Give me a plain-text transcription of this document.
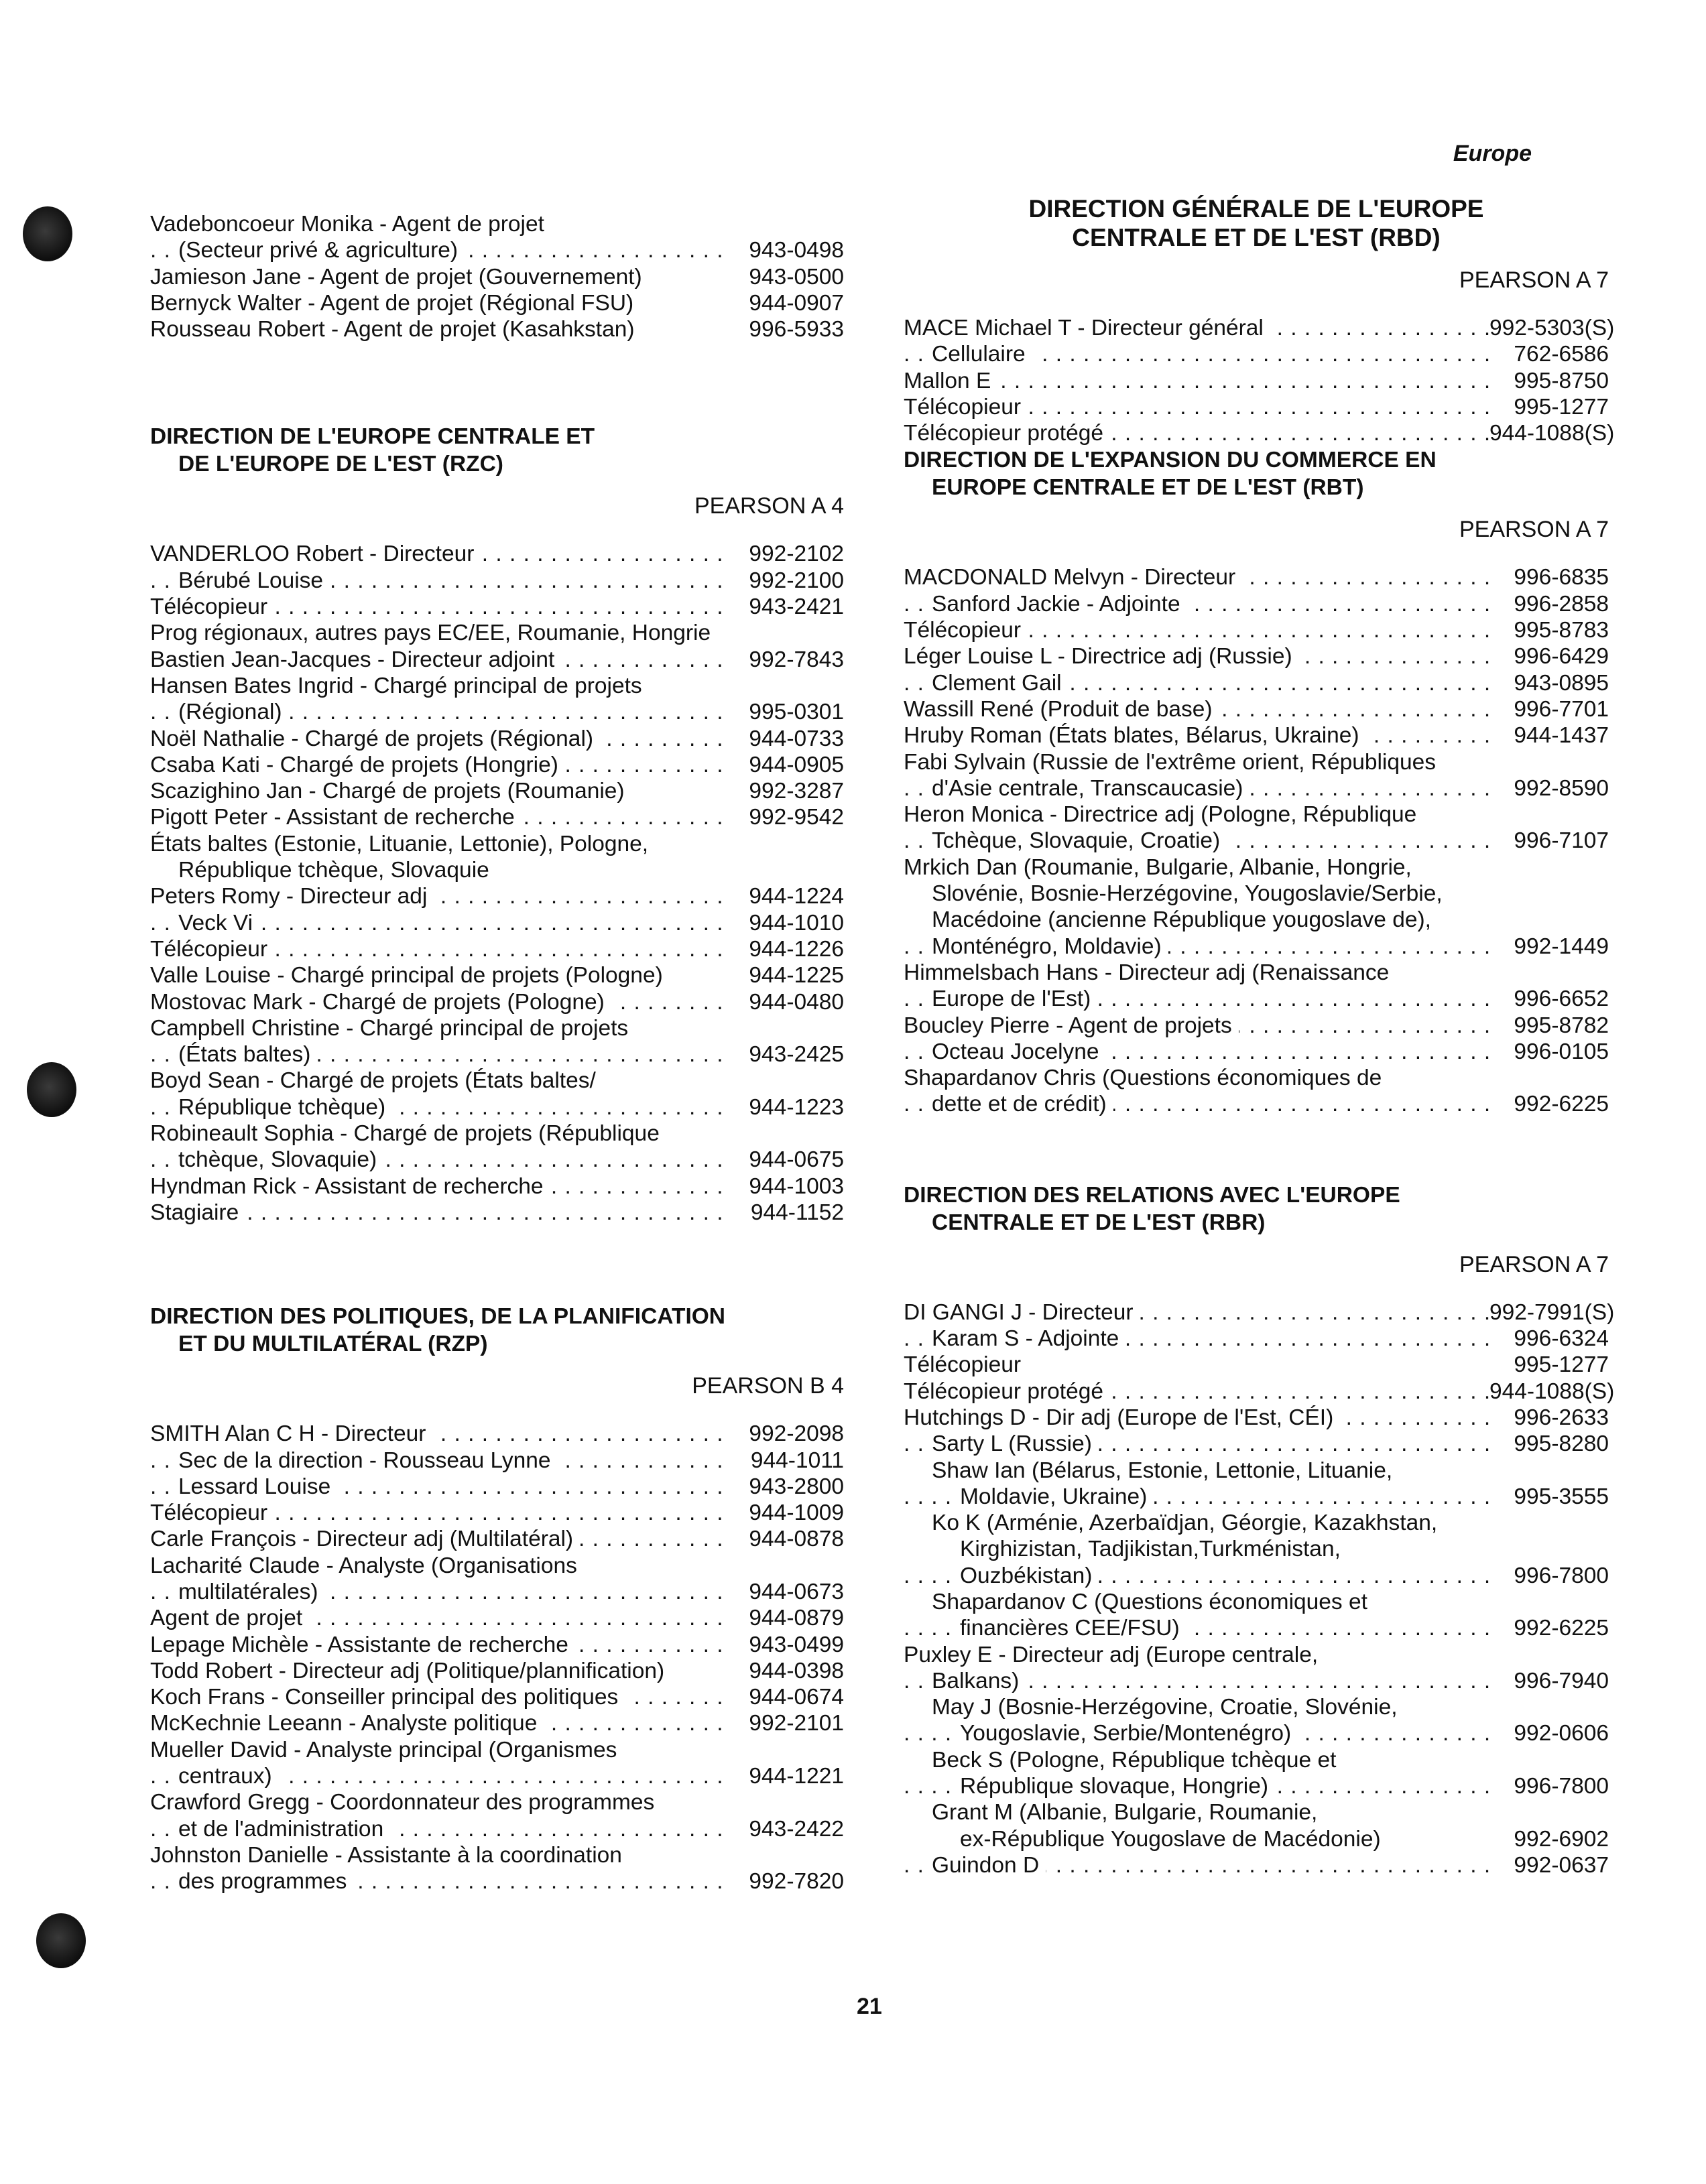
Europe
Vadeboncoeur Monika - Agent de projet
(Secteur privé & agriculture) . . .	943-0498
Jamieson Jane - Agent de projet (Gouvernement)	943-0500
Bernyck Walter - Agent de projet (Régional FSU)	944-0907
Rousseau Robert - Agent de projet (Kasahkstan)	996-5933
DIRECTION DE L'EUROPE CENTRALE ET
DE L'EUROPE DE L'EST (RZC)
PEARSON A 4
VANDERLOO Robert - Directeur . . .	992-2102
Bérubé Louise . . .	992-2100
Télécopieur . . .	943-2421
Prog régionaux, autres pays EC/EE, Roumanie, Hongrie
Bastien Jean-Jacques - Directeur adjoint . . .	992-7843
Hansen Bates Ingrid - Chargé principal de projets
(Régional) . . .	995-0301
Noël Nathalie - Chargé de projets (Régional) . . .	944-0733
Csaba Kati - Chargé de projets (Hongrie) . . .	944-0905
Scazighino Jan - Chargé de projets (Roumanie)	992-3287
Pigott Peter - Assistant de recherche . . .	992-9542
États baltes (Estonie, Lituanie, Lettonie), Pologne,
République tchèque, Slovaquie
Peters Romy - Directeur adj . . .	944-1224
Veck Vi . . .	944-1010
Télécopieur . . .	944-1226
Valle Louise - Chargé principal de projets (Pologne)	944-1225
Mostovac Mark - Chargé de projets (Pologne) . . .	944-0480
Campbell Christine - Chargé principal de projets
(États baltes) . . .	943-2425
Boyd Sean - Chargé de projets (États baltes/
République tchèque) . . .	944-1223
Robineault Sophia - Chargé de projets (République
tchèque, Slovaquie) . . .	944-0675
Hyndman Rick - Assistant de recherche . . .	944-1003
Stagiaire . . .	944-1152
DIRECTION DES POLITIQUES, DE LA PLANIFICATION
ET DU MULTILATÉRAL (RZP)
PEARSON B 4
SMITH Alan C H - Directeur . . .	992-2098
Sec de la direction - Rousseau Lynne . . .	944-1011
Lessard Louise . . .	943-2800
Télécopieur . . .	944-1009
Carle François - Directeur adj (Multilatéral) . . .	944-0878
Lacharité Claude - Analyste (Organisations
multilatérales) . . .	944-0673
Agent de projet . . .	944-0879
Lepage Michèle - Assistante de recherche . . .	943-0499
Todd Robert - Directeur adj (Politique/plannification)	944-0398
Koch Frans - Conseiller principal des politiques . . .	944-0674
McKechnie Leeann - Analyste politique . . .	992-2101
Mueller David - Analyste principal (Organismes
centraux) . . .	944-1221
Crawford Gregg - Coordonnateur des programmes
et de l'administration . . .	943-2422
Johnston Danielle - Assistante à la coordination
des programmes . . .	992-7820
DIRECTION GÉNÉRALE DE L'EUROPE
CENTRALE ET DE L'EST (RBD)
PEARSON A 7
MACE Michael T - Directeur général . . .	992-5303(S)
Cellulaire . . .	762-6586
Mallon E . . .	995-8750
Télécopieur . . .	995-1277
Télécopieur protégé . . .	944-1088(S)
DIRECTION DE L'EXPANSION DU COMMERCE EN
EUROPE CENTRALE ET DE L'EST (RBT)
PEARSON A 7
MACDONALD Melvyn - Directeur . . .	996-6835
Sanford Jackie - Adjointe . . .	996-2858
Télécopieur . . .	995-8783
Léger Louise L - Directrice adj (Russie) . . .	996-6429
Clement Gail . . .	943-0895
Wassill René (Produit de base) . . .	996-7701
Hruby Roman (États blates, Bélarus, Ukraine) . . .	944-1437
Fabi Sylvain (Russie de l'extrême orient, Républiques
d'Asie centrale, Transcaucasie) . . .	992-8590
Heron Monica - Directrice adj (Pologne, République
Tchèque, Slovaquie, Croatie) . . .	996-7107
Mrkich Dan (Roumanie, Bulgarie, Albanie, Hongrie,
Slovénie, Bosnie-Herzégovine, Yougoslavie/Serbie,
Macédoine (ancienne République yougoslave de),
Monténégro, Moldavie) . . .	992-1449
Himmelsbach Hans - Directeur adj (Renaissance
Europe de l'Est) . . .	996-6652
Boucley Pierre - Agent de projets . . .	995-8782
Octeau Jocelyne . . .	996-0105
Shapardanov Chris (Questions économiques de
dette et de crédit) . . .	992-6225
DIRECTION DES RELATIONS AVEC L'EUROPE
CENTRALE ET DE L'EST (RBR)
PEARSON A 7
DI GANGI J - Directeur . . .	992-7991(S)
Karam S - Adjointe . . .	996-6324
Télécopieur	995-1277
Télécopieur protégé . . .	944-1088(S)
Hutchings D - Dir adj (Europe de l'Est, CÉI) . . .	996-2633
Sarty L (Russie) . . .	995-8280
Shaw Ian (Bélarus, Estonie, Lettonie, Lituanie,
Moldavie, Ukraine) . . .	995-3555
Ko K (Arménie, Azerbaïdjan, Géorgie, Kazakhstan,
Kirghizistan, Tadjikistan,Turkménistan,
Ouzbékistan) . . .	996-7800
Shapardanov C (Questions économiques et
financières CEE/FSU) . . .	992-6225
Puxley E - Directeur adj (Europe centrale,
Balkans) . . .	996-7940
May J (Bosnie-Herzégovine, Croatie, Slovénie,
Yougoslavie, Serbie/Montenégro) . . .	992-0606
Beck S (Pologne, République tchèque et
République slovaque, Hongrie) . . .	996-7800
Grant M (Albanie, Bulgarie, Roumanie,
ex-République Yougoslave de Macédonie)	992-6902
Guindon D . . .	992-0637
21
